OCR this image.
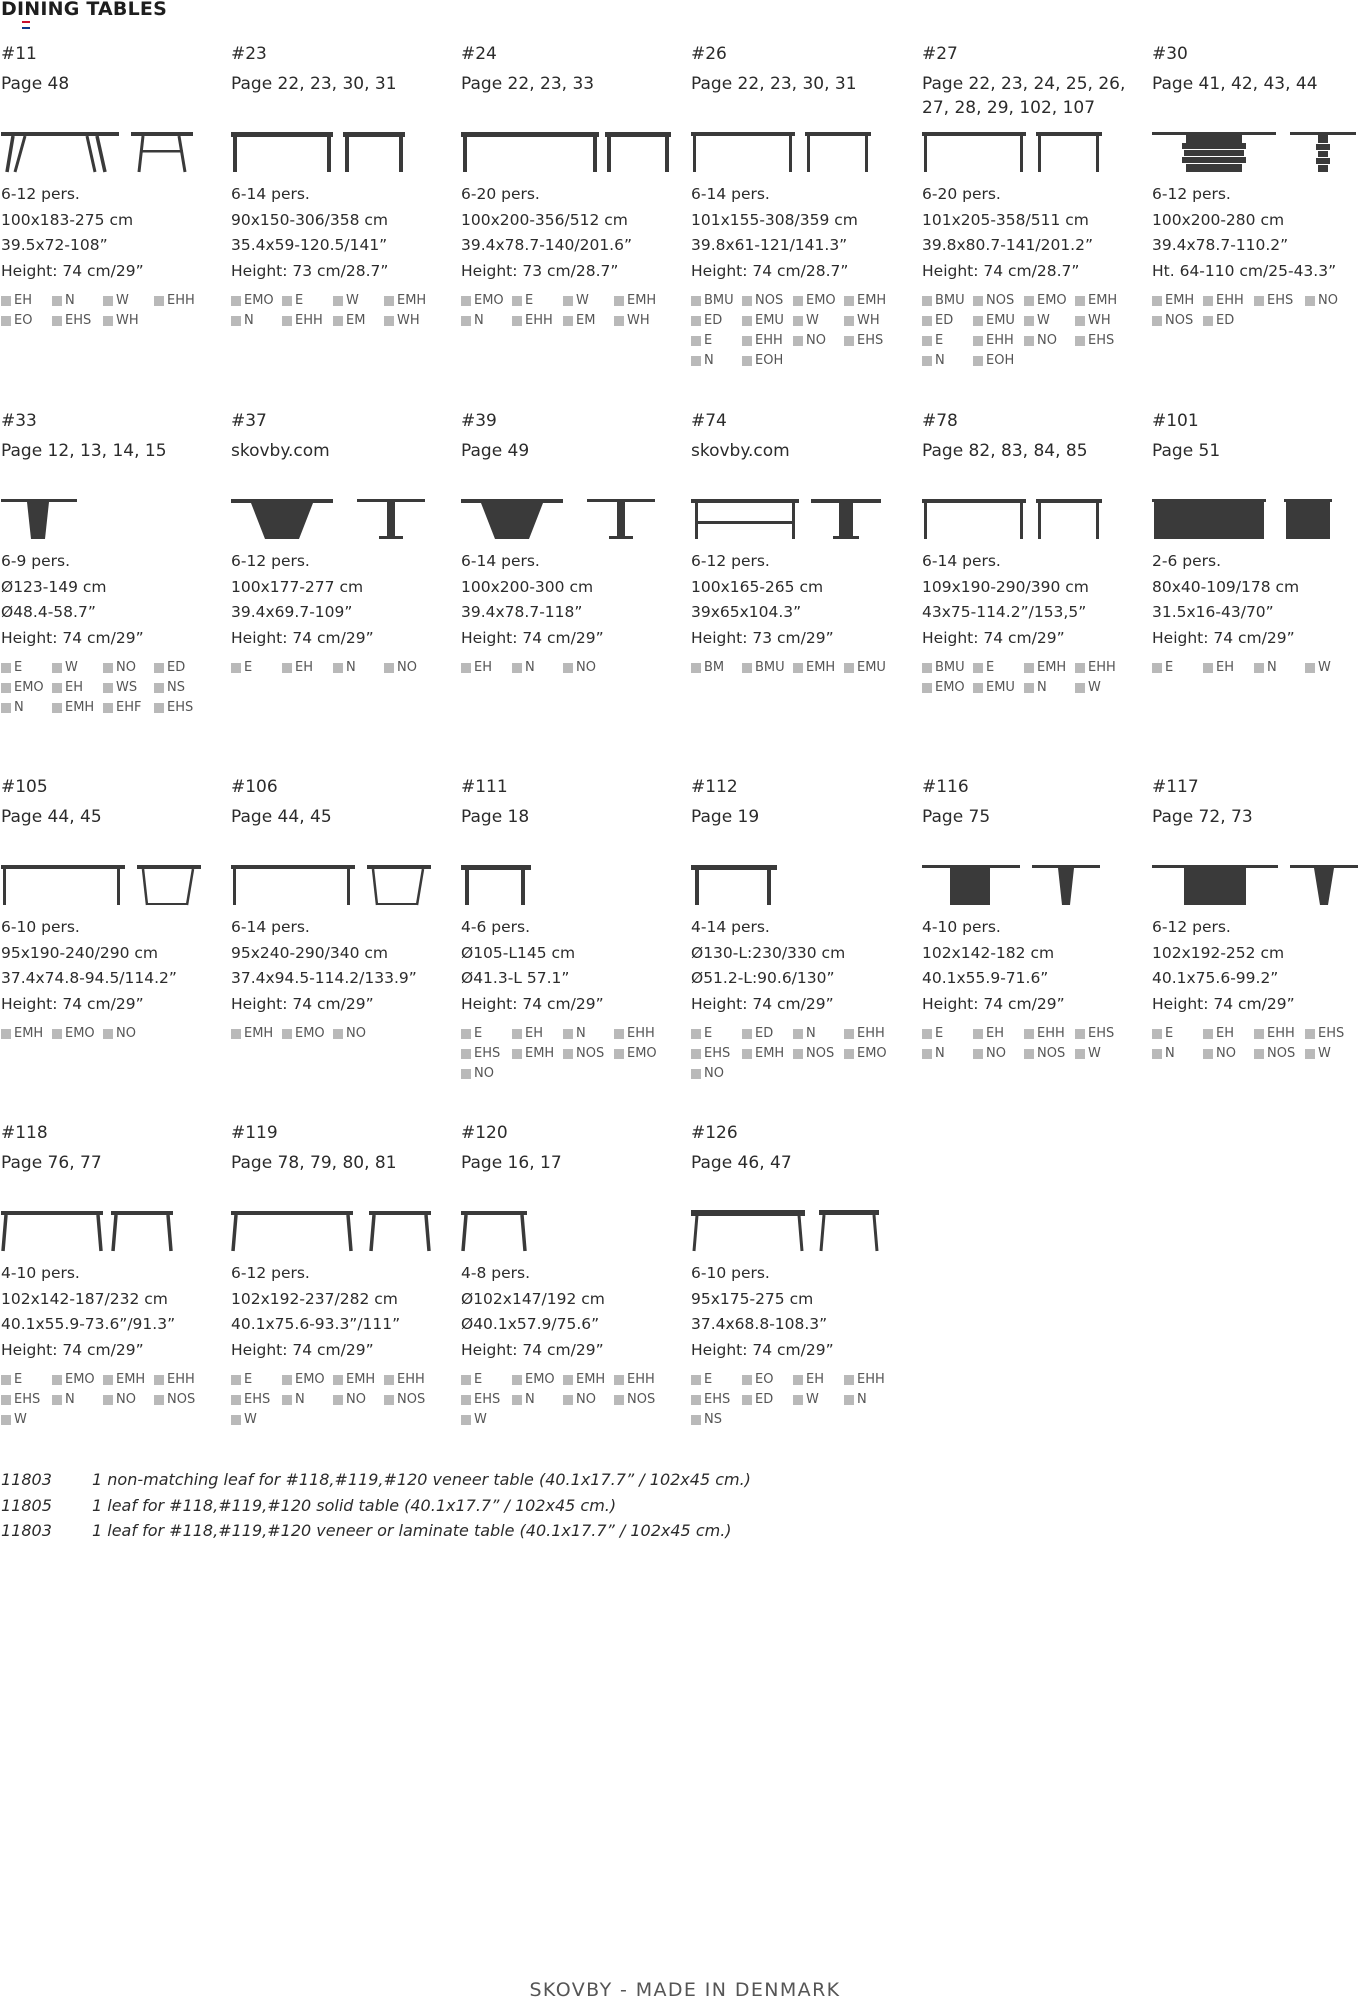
DINING TABLES
#11
Page 48
6-12 pers.
100x183-275 cm
39.5x72-108”
Height: 74 cm/29”
EH	N	W	EHH
EO	EHS WH
#23
Page 22, 23, 30, 31
6-14 pers.
90x150-306/358 cm
35.4x59-120.5/141”
Height: 73 cm/28.7”
EMO E	W	EMH
N	EHH EM WH
#24
Page 22, 23, 33
6-20 pers.
100x200-356/512 cm
39.4x78.7-140/201.6”
Height: 73 cm/28.7”
EMO E	W	EMH
N	EHH EM WH
#26
Page 22, 23, 30, 31
6-14 pers.
101x155-308/359 cm
39.8x61-121/141.3”
Height: 74 cm/28.7”
BMU NOS EMO EMH
ED	EMU W	WH
E	EHH NO EHS
N	EOH
#27
Page 22, 23, 24, 25, 26, 27, 28, 29, 102, 107
6-20 pers.
101x205-358/511 cm
39.8x80.7-141/201.2”
Height: 74 cm/28.7”
BMU NOS EMO EMH
ED	EMU W	WH
E	EHH NO EHS
N	EOH
#30
Page 41, 42, 43, 44
6-12 pers.
100x200-280 cm
39.4x78.7-110.2”
Ht. 64-110 cm/25-43.3”
EMH EHH EHS NO
NOS ED
#33
Page 12, 13, 14, 15
6-9 pers.
Ø123-149 cm
Ø48.4-58.7”
Height: 74 cm/29”
E	W	NO ED
EMO EH	WS NS
N	EMH EHF EHS
#37
skovby.com
6-12 pers.
100x177-277 cm
39.4x69.7-109”
Height: 74 cm/29”
E	EH	N	NO
#39
Page 49
6-14 pers.
100x200-300 cm
39.4x78.7-118”
Height: 74 cm/29”
EH	N	NO
#74
skovby.com
6-12 pers.
100x165-265 cm
39x65x104.3”
Height: 73 cm/29”
BM BMU EMH EMU
#78
Page 82, 83, 84, 85
6-14 pers.
109x190-290/390 cm
43x75-114.2”/153,5”
Height: 74 cm/29”
BMU E	EMH EHH
EMO EMU N	W
#101
Page 51
2-6 pers.
80x40-109/178 cm
31.5x16-43/70”
Height: 74 cm/29”
E	EH	N	W
#105
Page 44, 45
6-10 pers.
95x190-240/290 cm
37.4x74.8-94.5/114.2”
Height: 74 cm/29”
EMH EMO NO
#106
Page 44, 45
6-14 pers.
95x240-290/340 cm
37.4x94.5-114.2/133.9”
Height: 74 cm/29”
EMH EMO NO
#111
Page 18
4-6 pers.
Ø105-L145 cm
Ø41.3-L 57.1”
Height: 74 cm/29”
E	EH	N	EHH
EHS EMH NOS EMO
NO
#112
Page 19
4-14 pers.
Ø130-L:230/330 cm
Ø51.2-L:90.6/130”
Height: 74 cm/29”
E	ED	N	EHH
EHS EMH NOS EMO
NO
#116
Page 75
4-10 pers.
102x142-182 cm
40.1x55.9-71.6”
Height: 74 cm/29”
E	EH	EHH EHS
N	NO NOS W
#117
Page 72, 73
6-12 pers.
102x192-252 cm
40.1x75.6-99.2”
Height: 74 cm/29”
E	EH	EHH EHS
N	NO NOS W
#118
Page 76, 77
4-10 pers.
102x142-187/232 cm
40.1x55.9-73.6”/91.3”
Height: 74 cm/29”
E	EMO EMH EHH
EHS N	NO NOS
W
#119
Page 78, 79, 80, 81
6-12 pers.
102x192-237/282 cm
40.1x75.6-93.3”/111”
Height: 74 cm/29”
E	EMO EMH EHH
EHS N	NO NOS
W
#120
Page 16, 17
4-8 pers.
Ø102x147/192 cm
Ø40.1x57.9/75.6”
Height: 74 cm/29”
E	EMO EMH EHH
EHS N	NO NOS
W
#126
Page 46, 47
6-10 pers.
95x175-275 cm
37.4x68.8-108.3”
Height: 74 cm/29”
E	EO	EH	EHH
EHS ED	W	N
NS
11803	1 non-matching leaf for #118,#119,#120 veneer table (40.1x17.7” / 102x45 cm.)
11805	1 leaf for #118,#119,#120 solid table (40.1x17.7” / 102x45 cm.)
11803	1 leaf for #118,#119,#120 veneer or laminate table (40.1x17.7” / 102x45 cm.)
SKOVBY - MADE IN DENMARK
